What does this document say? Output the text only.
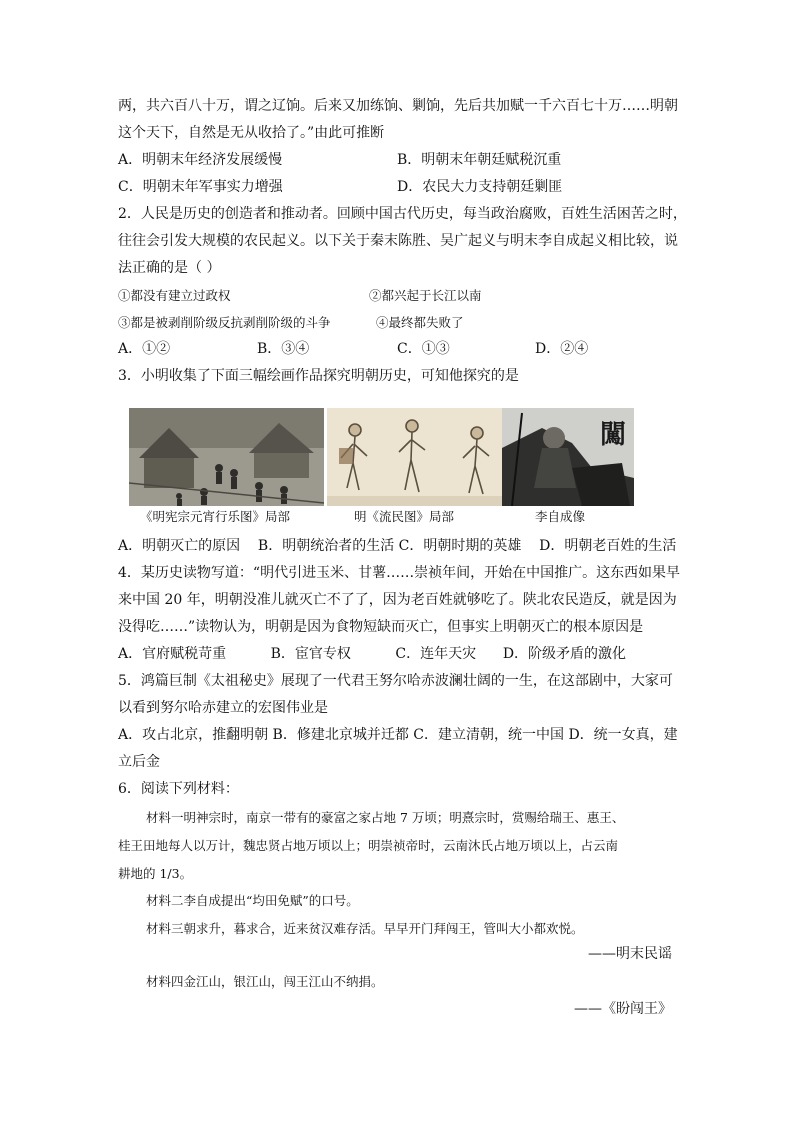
两，共六百八十万，谓之辽饷。后来又加练饷、剿饷，先后共加赋一千六百七十万……明朝
这个天下，自然是无从收拾了。”由此可推断
A．明朝末年经济发展缓慢	B．明朝末年朝廷赋税沉重
C．明朝末年军事实力增强	D．农民大力支持朝廷剿匪
2．人民是历史的创造者和推动者。回顾中国古代历史，每当政治腐败，百姓生活困苦之时，
往往会引发大规模的农民起义。以下关于秦末陈胜、吴广起义与明末李自成起义相比较，说
法正确的是（ ）
①都没有建立过政权	②都兴起于长江以南
③都是被剥削阶级反抗剥削阶级的斗争	④最终都失败了
A．①②	B．③④	C．①③	D．②④
3．小明收集了下面三幅绘画作品探究明朝历史，可知他探究的是
闖
《明宪宗元宵行乐图》局部	明《流民图》局部	李自成像
A．明朝灭亡的原因    B．明朝统治者的生活 C．明朝时期的英雄    D．明朝老百姓的生活
4．某历史读物写道：“明代引进玉米、甘薯……崇祯年间，开始在中国推广。这东西如果早
来中国 20 年，明朝没准儿就灭亡不了了，因为老百姓就够吃了。陕北农民造反，就是因为
没得吃……”读物认为，明朝是因为食物短缺而灭亡，但事实上明朝灭亡的根本原因是
A．官府赋税苛重          B．宦官专权          C．连年天灾      D．阶级矛盾的激化
5．鸿篇巨制《太祖秘史》展现了一代君王努尔哈赤波澜壮阔的一生，在这部剧中，大家可
以看到努尔哈赤建立的宏图伟业是
A．攻占北京，推翻明朝 B．修建北京城并迁都 C．建立清朝，统一中国 D．统一女真，建
立后金
6．阅读下列材料：
材料一明神宗时，南京一带有的豪富之家占地 7 万顷；明熹宗时，赏赐给瑞王、惠王、
桂王田地每人以万计，魏忠贤占地万顷以上；明崇祯帝时，云南沐氏占地万顷以上，占云南
耕地的 1/3。
材料二李自成提出“均田免赋”的口号。
材料三朝求升，暮求合，近来贫汉难存活。早早开门拜闯王，管叫大小都欢悦。
——明末民谣
材料四金江山，银江山，闯王江山不纳捐。
——《盼闯王》
